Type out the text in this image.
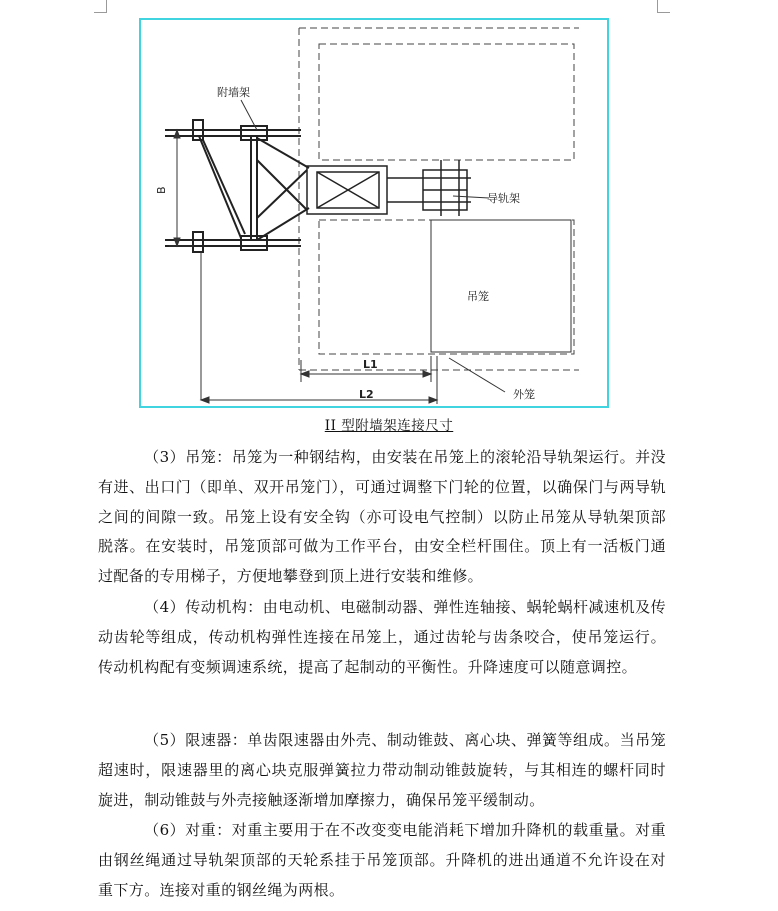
B
L1
L2
附墙架
导轨架
吊笼
外笼
II 型附墙架连接尺寸

（3）吊笼：吊笼为一种钢结构，由安装在吊笼上的滚轮沿导轨架运行。并没有进、出口门（即单、双开吊笼门），可通过调整下门轮的位置，以确保门与两导轨之间的间隙一致。吊笼上设有安全钩（亦可设电气控制）以防止吊笼从导轨架顶部脱落。在安装时，吊笼顶部可做为工作平台，由安全栏杆围住。顶上有一活板门通过配备的专用梯子，方便地攀登到顶上进行安装和维修。

（4）传动机构：由电动机、电磁制动器、弹性连轴接、蜗轮蜗杆减速机及传动齿轮等组成，传动机构弹性连接在吊笼上，通过齿轮与齿条咬合，使吊笼运行。传动机构配有变频调速系统，提高了起制动的平衡性。升降速度可以随意调控。

（5）限速器：单齿限速器由外壳、制动锥鼓、离心块、弹簧等组成。当吊笼超速时，限速器里的离心块克服弹簧拉力带动制动锥鼓旋转，与其相连的螺杆同时旋进，制动锥鼓与外壳接触逐渐增加摩擦力，确保吊笼平缓制动。

（6）对重：对重主要用于在不改变变电能消耗下增加升降机的载重量。对重由钢丝绳通过导轨架顶部的天轮系挂于吊笼顶部。升降机的进出通道不允许设在对重下方。连接对重的钢丝绳为两根。
